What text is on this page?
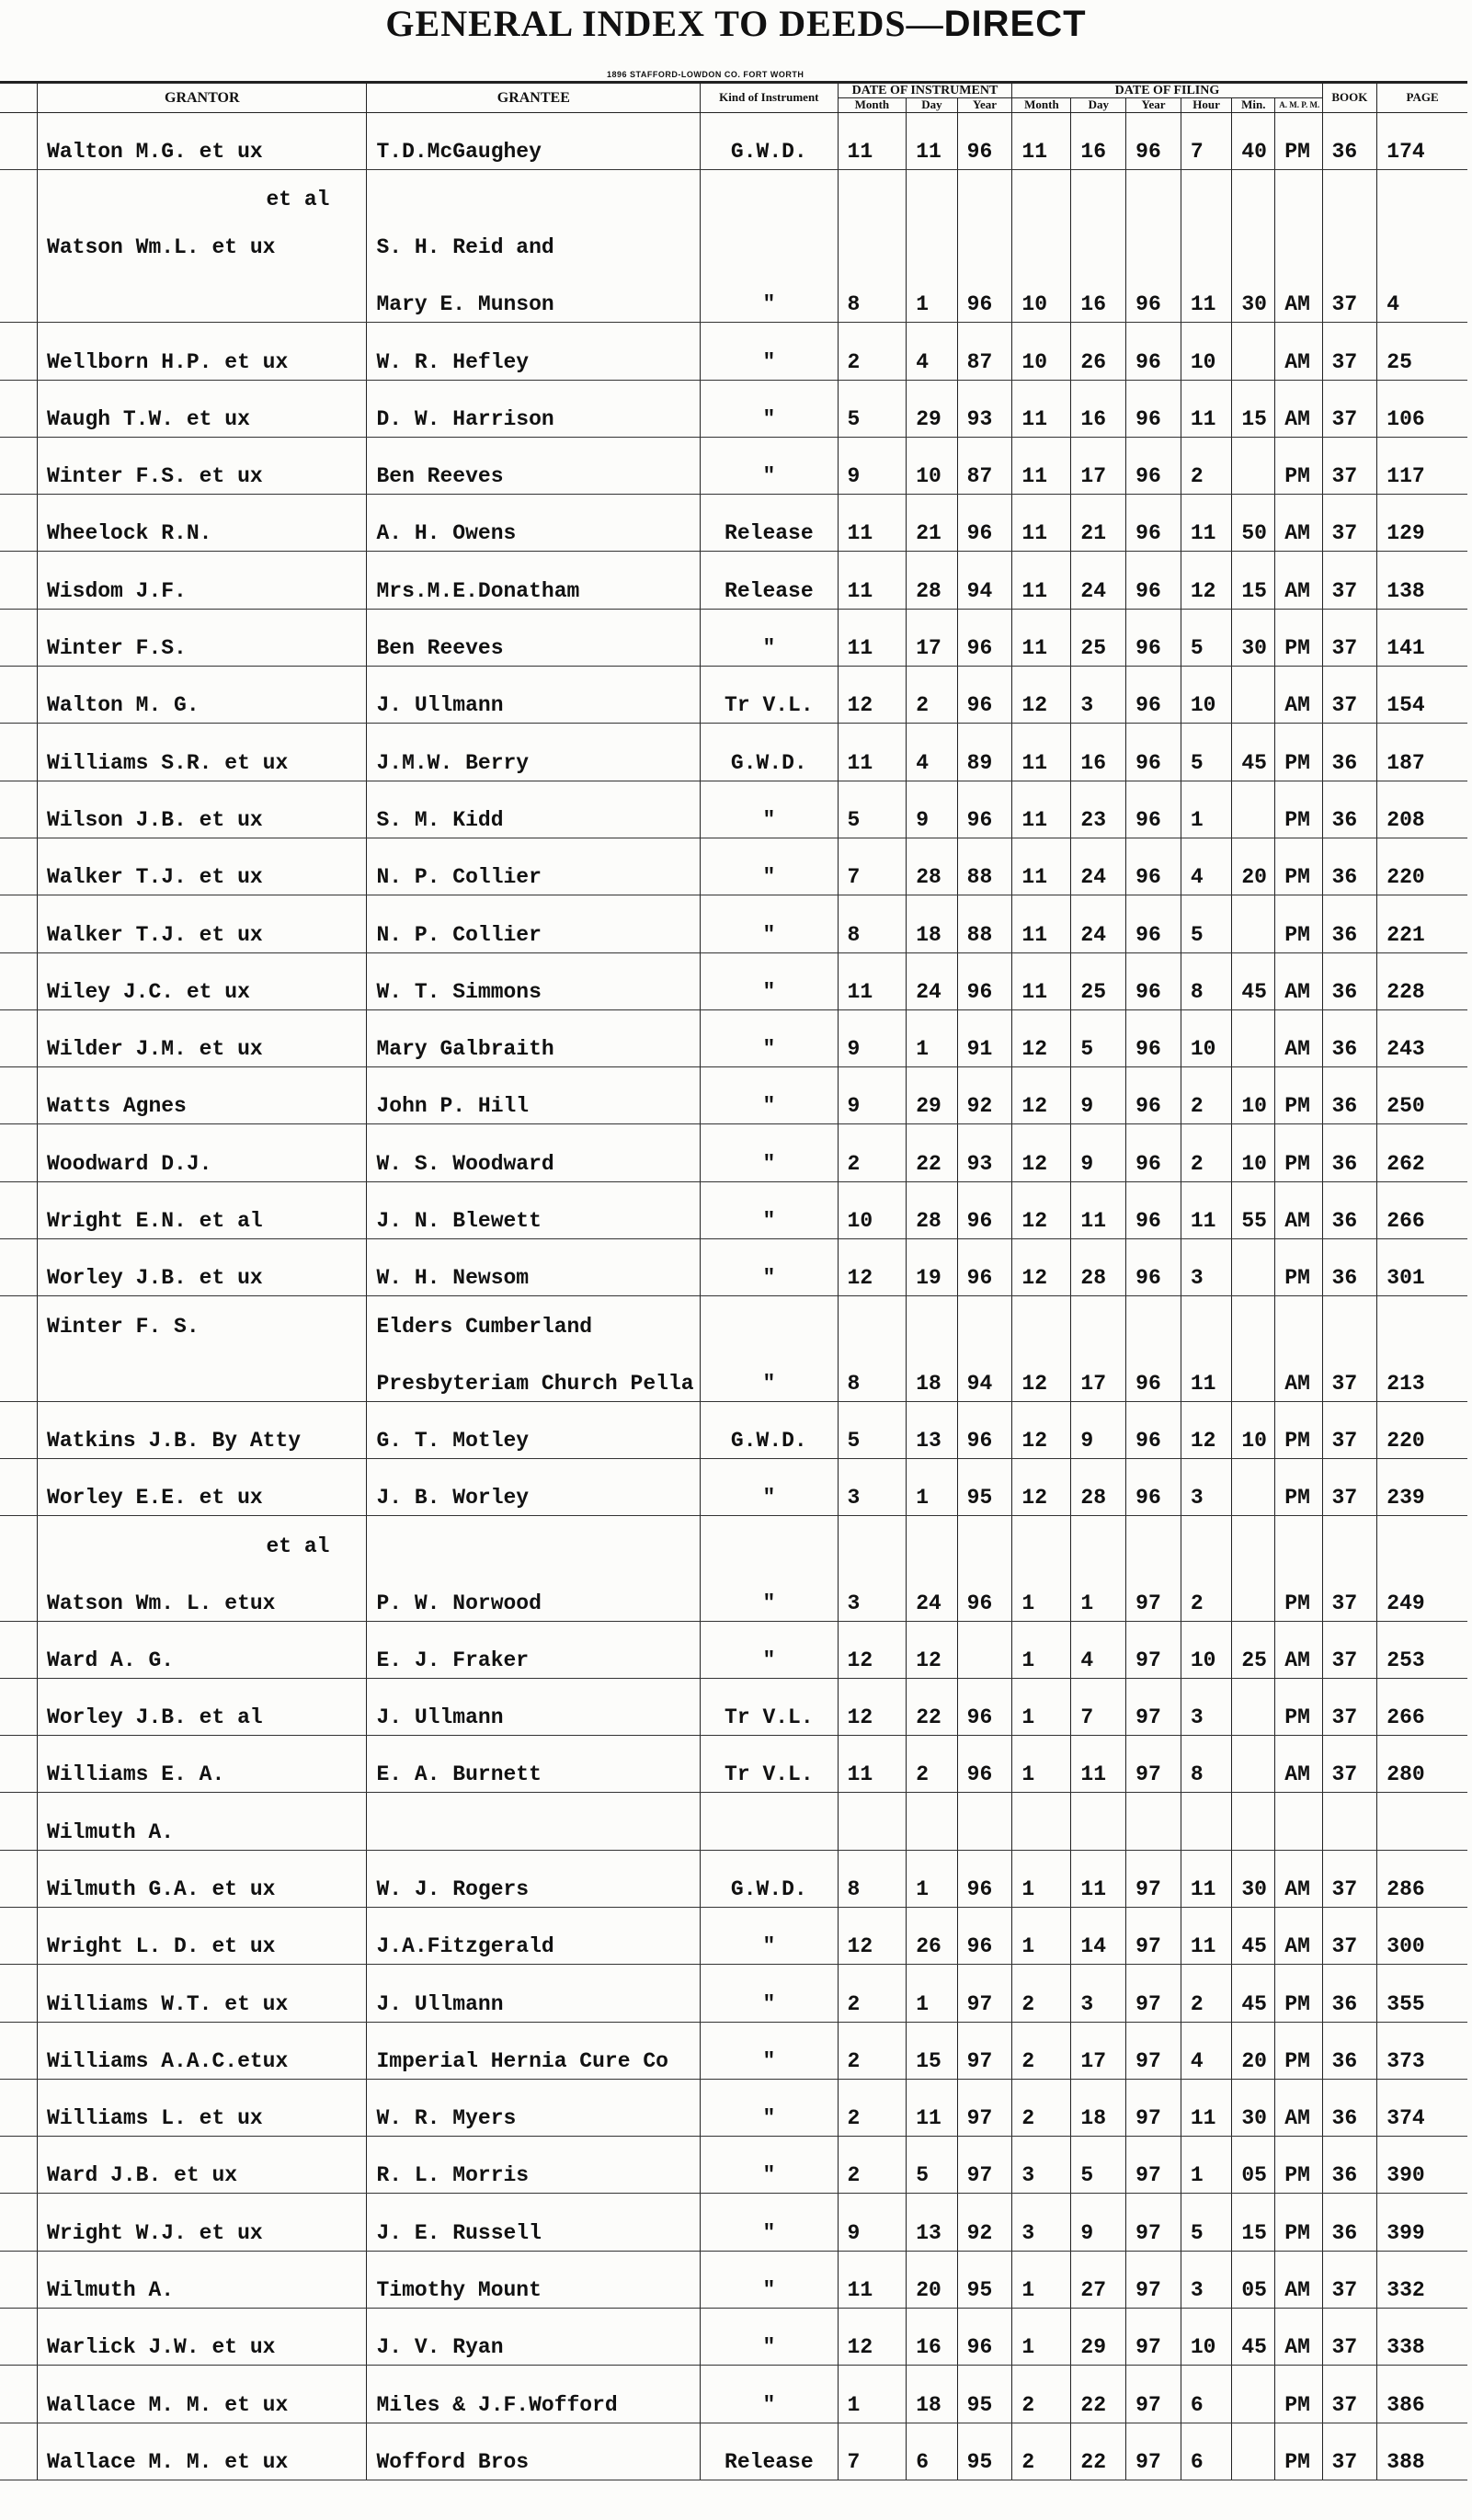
GENERAL INDEX TO DEEDS—DIRECT
1896 STAFFORD-LOWDON CO. FORT WORTH
	GRANTOR	GRANTEE	Kind of Instrument	DATE OF INSTRUMENT			DATE OF FILING						BOOK	PAGE
				Month	Day	Year	Month	Day	Year	Hour	Min.	A. M. P. M.		
	Walton M.G. et ux	T.D.McGaughey	G.W.D.	11	11	96	11	16	96	7	40	PM	36	174
	et al													
	Watson Wm.L. et ux	S. H. Reid and												
		Mary E. Munson	"	8	1	96	10	16	96	11	30	AM	37	4
	Wellborn H.P. et ux	W. R. Hefley	"	2	4	87	10	26	96	10		AM	37	25
	Waugh T.W. et ux	D. W. Harrison	"	5	29	93	11	16	96	11	15	AM	37	106
	Winter F.S. et ux	Ben Reeves	"	9	10	87	11	17	96	2		PM	37	117
	Wheelock R.N.	A. H. Owens	Release	11	21	96	11	21	96	11	50	AM	37	129
	Wisdom J.F.	Mrs.M.E.Donatham	Release	11	28	94	11	24	96	12	15	AM	37	138
	Winter F.S.	Ben Reeves	"	11	17	96	11	25	96	5	30	PM	37	141
	Walton M. G.	J. Ullmann	Tr V.L.	12	2	96	12	3	96	10		AM	37	154
	Williams S.R. et ux	J.M.W. Berry	G.W.D.	11	4	89	11	16	96	5	45	PM	36	187
	Wilson J.B. et ux	S. M. Kidd	"	5	9	96	11	23	96	1		PM	36	208
	Walker T.J. et ux	N. P. Collier	"	7	28	88	11	24	96	4	20	PM	36	220
	Walker T.J. et ux	N. P. Collier	"	8	18	88	11	24	96	5		PM	36	221
	Wiley J.C. et ux	W. T. Simmons	"	11	24	96	11	25	96	8	45	AM	36	228
	Wilder J.M. et ux	Mary Galbraith	"	9	1	91	12	5	96	10		AM	36	243
	Watts Agnes	John P. Hill	"	9	29	92	12	9	96	2	10	PM	36	250
	Woodward D.J.	W. S. Woodward	"	2	22	93	12	9	96	2	10	PM	36	262
	Wright E.N. et al	J. N. Blewett	"	10	28	96	12	11	96	11	55	AM	36	266
	Worley J.B. et ux	W. H. Newsom	"	12	19	96	12	28	96	3		PM	36	301
	Winter F. S.	Elders Cumberland												
		Presbyteriam Church Pella	"	8	18	94	12	17	96	11		AM	37	213
	Watkins J.B. By Atty	G. T. Motley	G.W.D.	5	13	96	12	9	96	12	10	PM	37	220
	Worley E.E. et ux	J. B. Worley	"	3	1	95	12	28	96	3		PM	37	239
	et al													
	Watson Wm. L. etux	P. W. Norwood	"	3	24	96	1	1	97	2		PM	37	249
	Ward A. G.	E. J. Fraker	"	12	12		1	4	97	10	25	AM	37	253
	Worley J.B. et al	J. Ullmann	Tr V.L.	12	22	96	1	7	97	3		PM	37	266
	Williams E. A.	E. A. Burnett	Tr V.L.	11	2	96	1	11	97	8		AM	37	280
	Wilmuth A.													
	Wilmuth G.A. et ux	W. J. Rogers	G.W.D.	8	1	96	1	11	97	11	30	AM	37	286
	Wright L. D. et ux	J.A.Fitzgerald	"	12	26	96	1	14	97	11	45	AM	37	300
	Williams W.T. et ux	J. Ullmann	"	2	1	97	2	3	97	2	45	PM	36	355
	Williams A.A.C.etux	Imperial Hernia Cure Co	"	2	15	97	2	17	97	4	20	PM	36	373
	Williams L. et ux	W. R. Myers	"	2	11	97	2	18	97	11	30	AM	36	374
	Ward J.B. et ux	R. L. Morris	"	2	5	97	3	5	97	1	05	PM	36	390
	Wright W.J. et ux	J. E. Russell	"	9	13	92	3	9	97	5	15	PM	36	399
	Wilmuth A.	Timothy Mount	"	11	20	95	1	27	97	3	05	AM	37	332
	Warlick J.W. et ux	J. V. Ryan	"	12	16	96	1	29	97	10	45	AM	37	338
	Wallace M. M. et ux	Miles & J.F.Wofford	"	1	18	95	2	22	97	6		PM	37	386
	Wallace M. M. et ux	Wofford Bros	Release	7	6	95	2	22	97	6		PM	37	388
